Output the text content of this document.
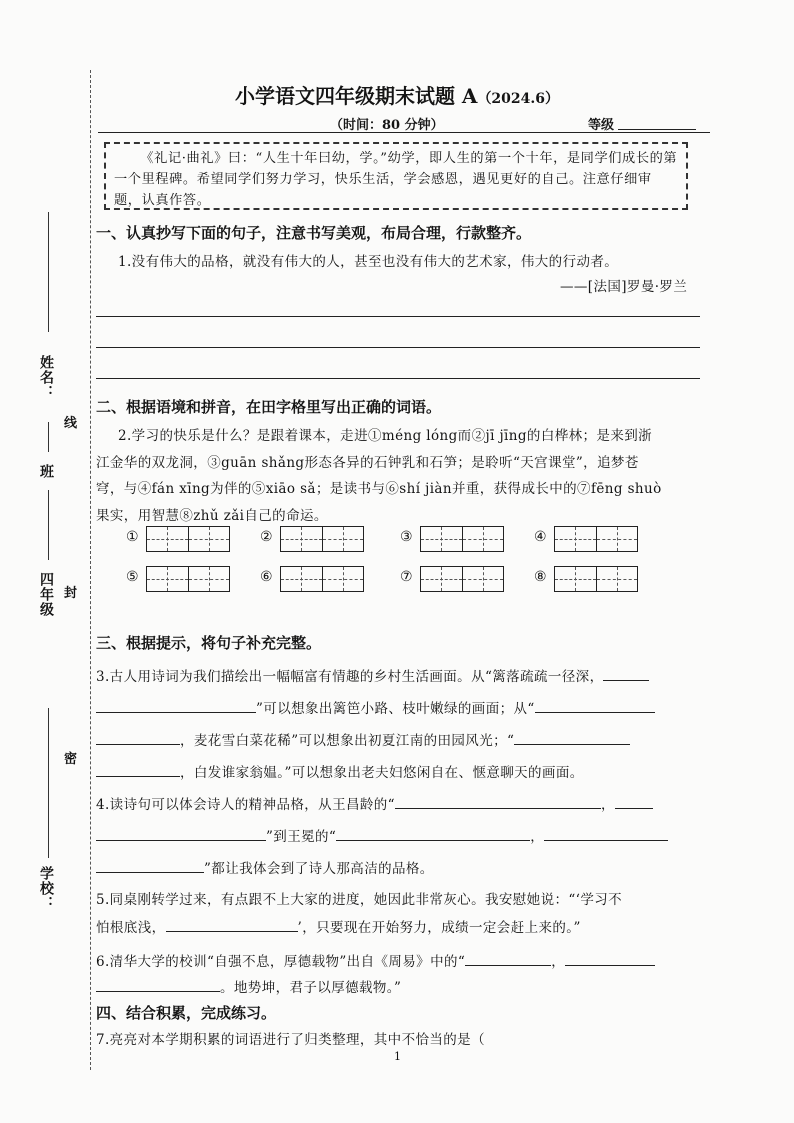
姓名：
班
四年级
学校：
线
封
密
小学语文四年级期末试题 A（2024.6）
（时间：80 分钟）	等级
《礼记·曲礼》曰：“人生十年曰幼，学。”幼学，即人生的第一个十年，是同学们成长的第一个里程碑。希望同学们努力学习，快乐生活，学会感恩，遇见更好的自己。注意仔细审题，认真作答。
一、认真抄写下面的句子，注意书写美观，布局合理，行款整齐。
1.没有伟大的品格，就没有伟大的人，甚至也没有伟大的艺术家，伟大的行动者。
——[法国]罗曼·罗兰
二、根据语境和拼音，在田字格里写出正确的词语。
2.学习的快乐是什么？是跟着课本，走进①méng lóng而②jī jīng的白桦林；是来到浙
江金华的双龙洞，③guān shǎng形态各异的石钟乳和石笋；是聆听“天宫课堂”，追梦苍
穹，与④fán xīng为伴的⑤xiāo sǎ；是读书与⑥shí jiàn并重，获得成长中的⑦fēng shuò
果实，用智慧⑧zhǔ zǎi自己的命运。
①	②	③	④
⑤	⑥	⑦	⑧
三、根据提示，将句子补充完整。
3.古人用诗词为我们描绘出一幅幅富有情趣的乡村生活画面。从“篱落疏疏一径深，
”可以想象出篱笆小路、枝叶嫩绿的画面；从“
，麦花雪白菜花稀”可以想象出初夏江南的田园风光；“
，白发谁家翁媪。”可以想象出老夫妇悠闲自在、惬意聊天的画面。
4.读诗句可以体会诗人的精神品格，从王昌龄的“	，
”到王冕的“	，
”都让我体会到了诗人那高洁的品格。
5.同桌刚转学过来，有点跟不上大家的进度，她因此非常灰心。我安慰她说：“‘学习不
怕根底浅，	’，只要现在开始努力，成绩一定会赶上来的。”
6.清华大学的校训“自强不息，厚德载物”出自《周易》中的“	，
。地势坤，君子以厚德载物。”
四、结合积累，完成练习。
7.亮亮对本学期积累的词语进行了归类整理，其中不恰当的是（
1
